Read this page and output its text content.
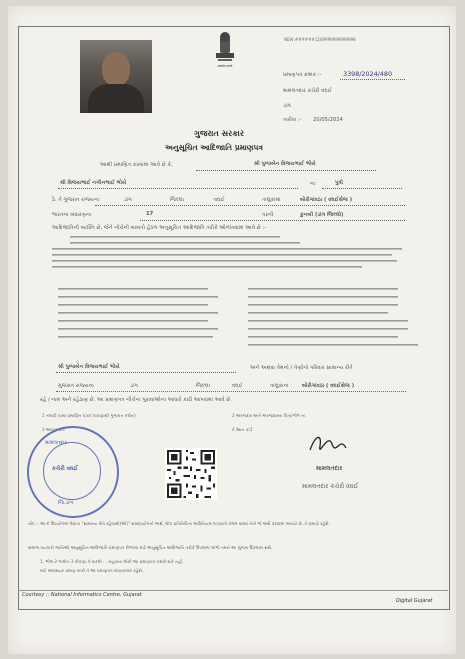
सत्यमेव जयते
NEW ######1269999999999998
પ્રમાણપત્ર ક્રમાંક :-	3398/2024/480
મામલતદાર કચેરી વઘઈ
ડાંગ
તારીખ :- 20/05/2024
ગુજરાત સરકાર
અનુસૂચિત આદિજાતિ પ્રમાણપત્ર
આથી પ્રમાણિત કરવામાં આવે છે કે,	શ્રી પુષ્પાબેન વિજયભાઈ ભોયે
શ્રી વિજયભાઈ નગીનભાઈ ભોયે	ના	પુત્રી
ઠે. તે ગુજરાત રાજ્યના	ડાંગ	જિલ્લા	વઘઈ	તાલુકામાં	બોરીગાંવઠા ( વઘઈસેજ )
ભારતના બંધારણના	17	પરની	કુનબી (ડાંગ જિલ્લો)
આદિજાતિની વ્યક્તિ છે, જેને નીચેની બાબતો હેઠળ અનુસૂચિત આદિજાતિ તરીકે ઓળખવામાં આવે છે :-
શ્રી પુષ્પાબેન વિજયભાઈ ભોયે	અને અથવા તેમનો / તેણીનો પરિવાર સામાન્ય રીતે
ગુજરાત રાજ્યના	ડાંગ	જિલ્લા	વઘઈ	તાલુકાના	બોરીગાંવઠા ( વઘઈસેજ )
રહે / નામ અને રહેઠાણ છે. આ પ્રમાણપત્ર નીચેના પુરાવાઓના આધારે કાઢી આપવામાં આવે છે.
1 તલાટી પાસા પ્રમાણિત પત્રક (પરાણાથી ગુજરાત કરીન)	2 અરજદાર અને અરજદારના પિતા/ગોળ ના
3 આધાર કાર્ડ	4 રેશન કાર્ડ
મામલતદાર
કચેરી વઘઈ
જિ.ડાંગ
મામલતદાર
મામલતદાર કચેરી વઘઈ
નોંધ :- આતી ઉપયોગમાં લેવાતા "સામાન્ય રીતે રહેવાસી(ઓ)" શબ્દપ્રયોગનો અર્થ, લોક પ્રતિનિધિત્વ અધિનિયમ,૧૯૫૦ની કલમ ૨૦માં તેનો જે અર્થ કરવામાં આવ્યો છે, તે પ્રમાણે રહેશે.
સમાજ વ્યાપારી જાતિઓ અનુસૂચિત આદિજાતિ પ્રમાણપત્ર મેળવવા માટે અનુસૂચિત આદિજાતિ તરીકે ઉપલબ્ધ લાભો તમને આ મુજબ ઉપલબ્ધ થશે.
1. ભીલ 2 ગામીત 3 કોંકણા 4 વારલી ... બહારના લોકો આ પ્રમાણપત્ર ધરાવી શકે નહીં.
માટે આવશ્યક પ્રમાણ રાખી તે આ પ્રમાણપત્ર બંધનકારક રહેશે.
Courtesy :: National Informatics Centre, Gujarat
Digital Gujarat
